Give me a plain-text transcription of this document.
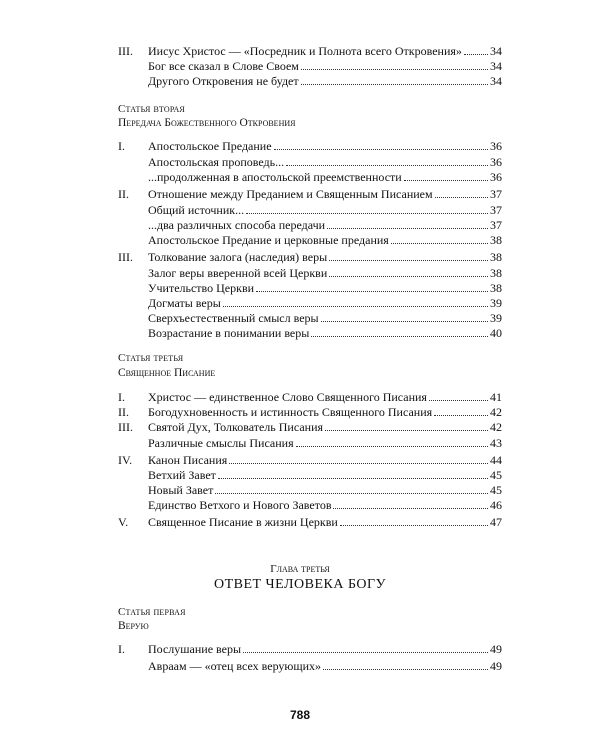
III.	Иисус Христос — «Посредник и Полнота всего Откровения» 34
Бог все сказал в Слове Своем	34
Другого Откровения не будет	34
Статья вторая
Передача Божественного Откровения
I.	Апостольское Предание	36
Апостольская проповедь...	36
...продолженная в апостольской преемственности	36
II.	Отношение между Преданием и Священным Писанием	37
Общий источник...	37
...два различных способа передачи	37
Апостольское Предание и церковные предания	38
III.	Толкование залога (наследия) веры	38
Залог веры вверенной всей Церкви	38
Учительство Церкви	38
Догматы веры	39
Сверхъестественный смысл веры	39
Возрастание в понимании веры	40
Статья третья
Священное Писание
I.	Христос — единственное Слово Священного Писания	41
II.	Богодухновенность и истинность Священного Писания	42
III.	Святой Дух, Толкователь Писания	42
Различные смыслы Писания	43
IV.	Канон Писания	44
Ветхий Завет	45
Новый Завет	45
Единство Ветхого и Нового Заветов	46
V.	Священное Писание в жизни Церкви	47
Глава третья
ОТВЕТ ЧЕЛОВЕКА БОГУ
Статья первая
Верую
I.	Послушание веры	49
Авраам — «отец всех верующих»	49
788
